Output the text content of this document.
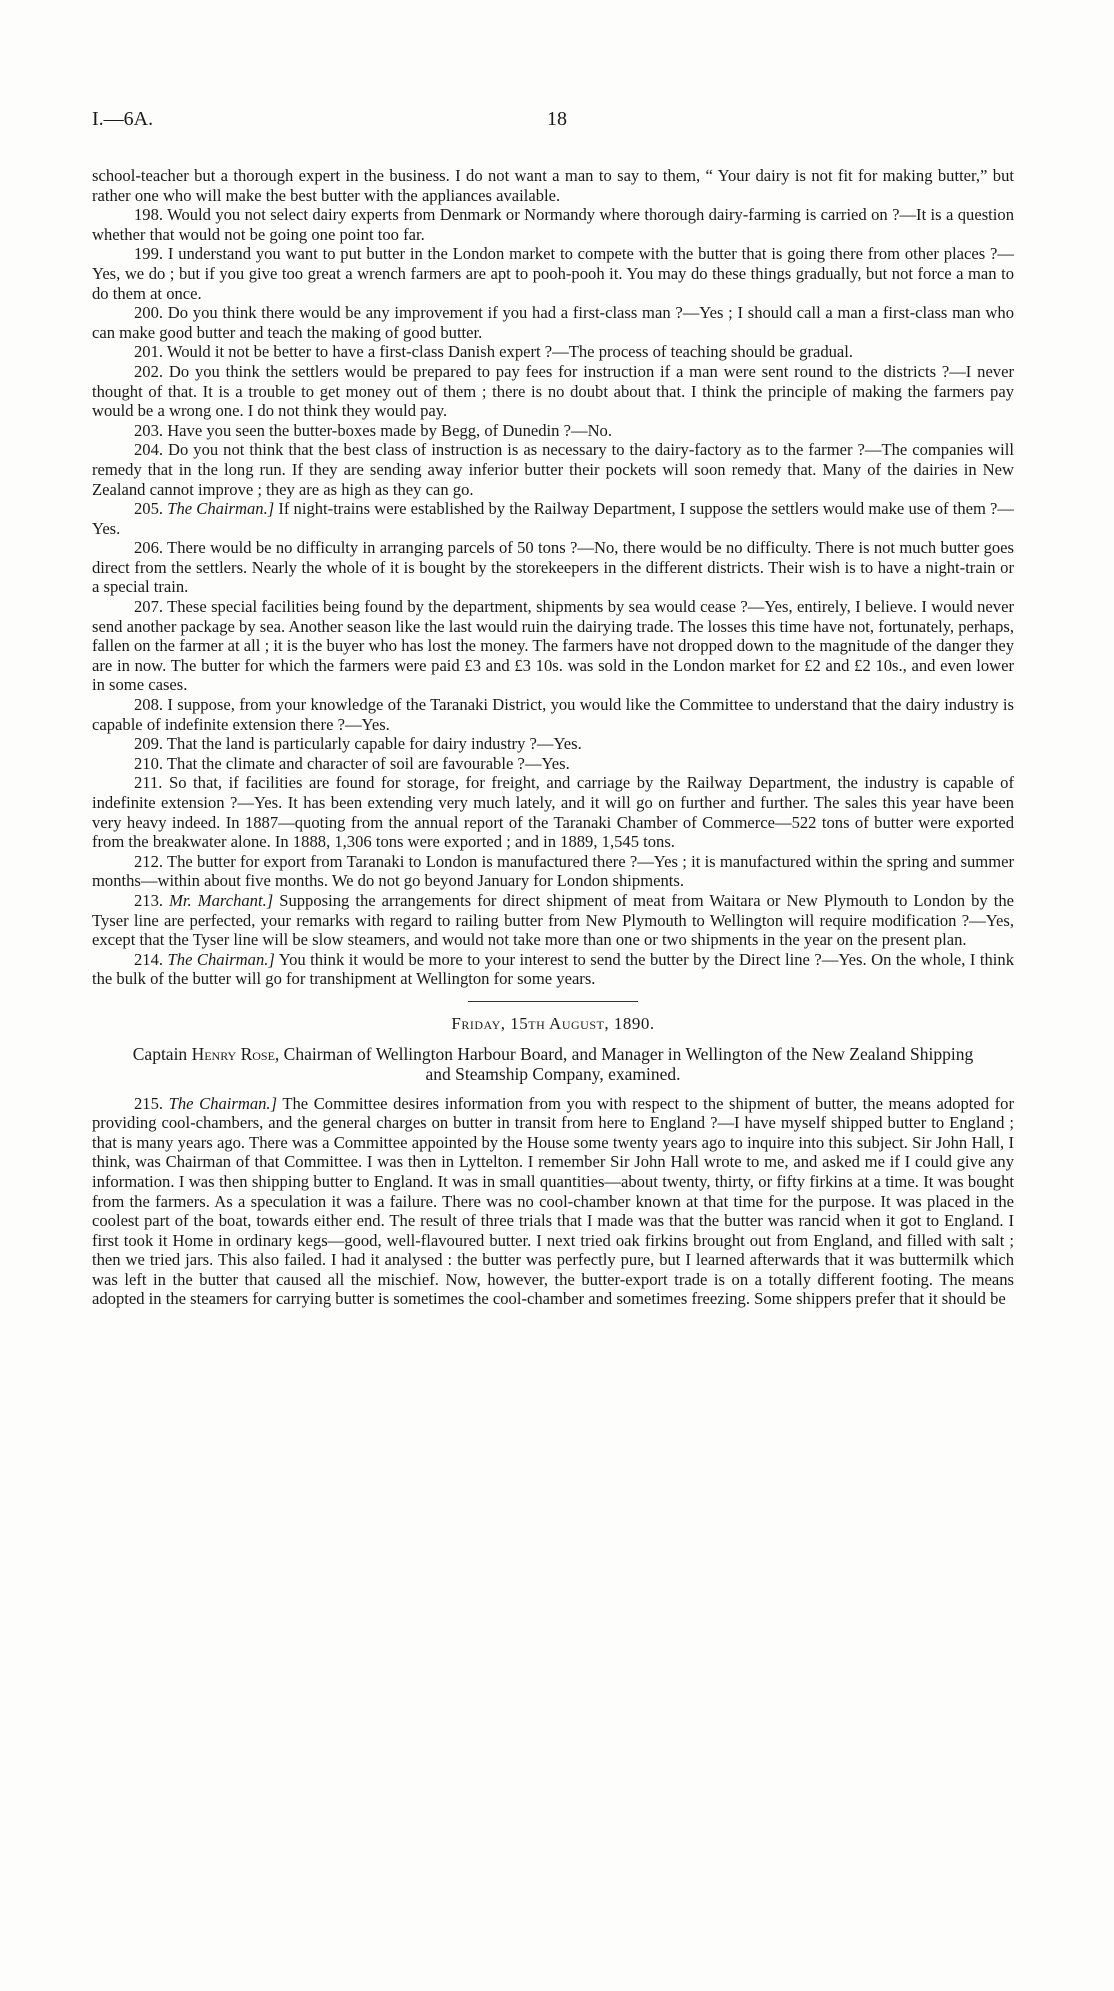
I.—6A.	18

school-teacher but a thorough expert in the business. I do not want a man to say to them, “ Your dairy is not fit for making butter,” but rather one who will make the best butter with the appliances available.

198. Would you not select dairy experts from Denmark or Normandy where thorough dairy-farming is carried on ?—It is a question whether that would not be going one point too far.

199. I understand you want to put butter in the London market to compete with the butter that is going there from other places ?—Yes, we do ; but if you give too great a wrench farmers are apt to pooh-pooh it. You may do these things gradually, but not force a man to do them at once.

200. Do you think there would be any improvement if you had a first-class man ?—Yes ; I should call a man a first-class man who can make good butter and teach the making of good butter.

201. Would it not be better to have a first-class Danish expert ?—The process of teaching should be gradual.

202. Do you think the settlers would be prepared to pay fees for instruction if a man were sent round to the districts ?—I never thought of that. It is a trouble to get money out of them ; there is no doubt about that. I think the principle of making the farmers pay would be a wrong one. I do not think they would pay.

203. Have you seen the butter-boxes made by Begg, of Dunedin ?—No.

204. Do you not think that the best class of instruction is as necessary to the dairy-factory as to the farmer ?—The companies will remedy that in the long run. If they are sending away inferior butter their pockets will soon remedy that. Many of the dairies in New Zealand cannot improve ; they are as high as they can go.

205. The Chairman.] If night-trains were established by the Railway Department, I suppose the settlers would make use of them ?—Yes.

206. There would be no difficulty in arranging parcels of 50 tons ?—No, there would be no difficulty. There is not much butter goes direct from the settlers. Nearly the whole of it is bought by the storekeepers in the different districts. Their wish is to have a night-train or a special train.

207. These special facilities being found by the department, shipments by sea would cease ?—Yes, entirely, I believe. I would never send another package by sea. Another season like the last would ruin the dairying trade. The losses this time have not, fortunately, perhaps, fallen on the farmer at all ; it is the buyer who has lost the money. The farmers have not dropped down to the magnitude of the danger they are in now. The butter for which the farmers were paid £3 and £3 10s. was sold in the London market for £2 and £2 10s., and even lower in some cases.

208. I suppose, from your knowledge of the Taranaki District, you would like the Committee to understand that the dairy industry is capable of indefinite extension there ?—Yes.

209. That the land is particularly capable for dairy industry ?—Yes.

210. That the climate and character of soil are favourable ?—Yes.

211. So that, if facilities are found for storage, for freight, and carriage by the Railway Department, the industry is capable of indefinite extension ?—Yes. It has been extending very much lately, and it will go on further and further. The sales this year have been very heavy indeed. In 1887—quoting from the annual report of the Taranaki Chamber of Commerce—522 tons of butter were exported from the breakwater alone. In 1888, 1,306 tons were exported ; and in 1889, 1,545 tons.

212. The butter for export from Taranaki to London is manufactured there ?—Yes ; it is manufactured within the spring and summer months—within about five months. We do not go beyond January for London shipments.

213. Mr. Marchant.] Supposing the arrangements for direct shipment of meat from Waitara or New Plymouth to London by the Tyser line are perfected, your remarks with regard to railing butter from New Plymouth to Wellington will require modification ?—Yes, except that the Tyser line will be slow steamers, and would not take more than one or two shipments in the year on the present plan.

214. The Chairman.] You think it would be more to your interest to send the butter by the Direct line ?—Yes. On the whole, I think the bulk of the butter will go for transhipment at Wellington for some years.

Friday, 15th August, 1890.
Captain Henry Rose, Chairman of Wellington Harbour Board, and Manager in Wellington of the New Zealand Shipping and Steamship Company, examined.

215. The Chairman.] The Committee desires information from you with respect to the shipment of butter, the means adopted for providing cool-chambers, and the general charges on butter in transit from here to England ?—I have myself shipped butter to England ; that is many years ago. There was a Committee appointed by the House some twenty years ago to inquire into this subject. Sir John Hall, I think, was Chairman of that Committee. I was then in Lyttelton. I remember Sir John Hall wrote to me, and asked me if I could give any information. I was then shipping butter to England. It was in small quantities—about twenty, thirty, or fifty firkins at a time. It was bought from the farmers. As a speculation it was a failure. There was no cool-chamber known at that time for the purpose. It was placed in the coolest part of the boat, towards either end. The result of three trials that I made was that the butter was rancid when it got to England. I first took it Home in ordinary kegs—good, well-flavoured butter. I next tried oak firkins brought out from England, and filled with salt ; then we tried jars. This also failed. I had it analysed : the butter was perfectly pure, but I learned afterwards that it was buttermilk which was left in the butter that caused all the mischief. Now, however, the butter-export trade is on a totally different footing. The means adopted in the steamers for carrying butter is sometimes the cool-chamber and sometimes freezing. Some shippers prefer that it should be
